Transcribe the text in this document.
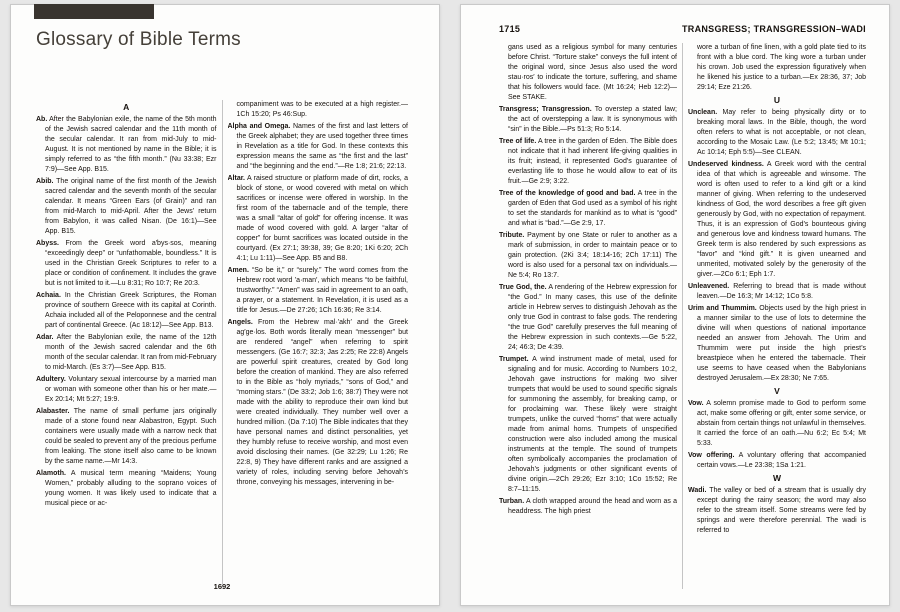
Glossary of Bible Terms
A

Ab. After the Babylonian exile, the name of the 5th month of the Jewish sacred calendar and the 11th month of the secular calendar. It ran from mid-July to mid-August. It is not mentioned by name in the Bible; it is simply referred to as “the fifth month.” (Nu 33:38; Ezr 7:9)—See App. B15.

Abib. The original name of the first month of the Jewish sacred calendar and the seventh month of the secular calendar. It means “Green Ears (of Grain)” and ran from mid-March to mid-April. After the Jews’ return from Babylon, it was called Nisan. (De 16:1)—See App. B15.

Abyss. From the Greek word a′bys·sos, meaning “exceedingly deep” or “unfathomable, boundless.” It is used in the Christian Greek Scriptures to refer to a place or condition of confinement. It includes the grave but is not limited to it.—Lu 8:31; Ro 10:7; Re 20:3.

Achaia. In the Christian Greek Scriptures, the Roman province of southern Greece with its capital at Corinth. Achaia included all of the Peloponnese and the central part of continental Greece. (Ac 18:12)—See App. B13.

Adar. After the Babylonian exile, the name of the 12th month of the Jewish sacred calendar and the 6th month of the secular calendar. It ran from mid-February to mid-March. (Es 3:7)—See App. B15.

Adultery. Voluntary sexual intercourse by a married man or woman with someone other than his or her mate.—Ex 20:14; Mt 5:27; 19:9.

Alabaster. The name of small perfume jars originally made of a stone found near Alabastron, Egypt. Such containers were usually made with a narrow neck that could be sealed to prevent any of the precious perfume from leaking. The stone itself also came to be known by the same name.—Mr 14:3.

Alamoth. A musical term meaning “Maidens; Young Women,” probably alluding to the soprano voices of young women. It was likely used to indicate that a musical piece or ac-

companiment was to be executed at a high register.—1Ch 15:20; Ps 46:Sup.

Alpha and Omega. Names of the first and last letters of the Greek alphabet; they are used together three times in Revelation as a title for God. In these contexts this expression means the same as “the first and the last” and “the beginning and the end.”—Re 1:8; 21:6; 22:13.

Altar. A raised structure or platform made of dirt, rocks, a block of stone, or wood covered with metal on which sacrifices or incense were offered in worship. In the first room of the tabernacle and of the temple, there was a small “altar of gold” for offering incense. It was made of wood covered with gold. A larger “altar of copper” for burnt sacrifices was located outside in the courtyard. (Ex 27:1; 39:38, 39; Ge 8:20; 1Ki 6:20; 2Ch 4:1; Lu 1:11)—See App. B5 and B8.

Amen. “So be it,” or “surely.” The word comes from the Hebrew root word ’a·man′, which means “to be faithful, trustworthy.” “Amen” was said in agreement to an oath, a prayer, or a statement. In Revelation, it is used as a title for Jesus.—De 27:26; 1Ch 16:36; Re 3:14.

Angels. From the Hebrew mal·’akh′ and the Greek ag′ge·los. Both words literally mean “messenger” but are rendered “angel” when referring to spirit messengers. (Ge 16:7; 32:3; Jas 2:25; Re 22:8) Angels are powerful spirit creatures, created by God long before the creation of mankind. They are also referred to in the Bible as “holy myriads,” “sons of God,” and “morning stars.” (De 33:2; Job 1:6; 38:7) They were not made with the ability to reproduce their own kind but were created individually. They number well over a hundred million. (Da 7:10) The Bible indicates that they have personal names and distinct personalities, yet they humbly refuse to receive worship, and most even avoid disclosing their names. (Ge 32:29; Lu 1:26; Re 22:8, 9) They have different ranks and are assigned a variety of roles, including serving before Jehovah’s throne, conveying his messages, intervening in be-

1692
1715	TRANSGRESS; TRANSGRESSION–WADI

gans used as a religious symbol for many centuries before Christ. “Torture stake” conveys the full intent of the original word, since Jesus also used the word stau·ros′ to indicate the torture, suffering, and shame that his followers would face. (Mt 16:24; Heb 12:2)—See STAKE.

Transgress; Transgression. To overstep a stated law; the act of overstepping a law. It is synonymous with “sin” in the Bible.—Ps 51:3; Ro 5:14.

Tree of life. A tree in the garden of Eden. The Bible does not indicate that it had inherent life-giving qualities in its fruit; instead, it represented God’s guarantee of everlasting life to those he would allow to eat of its fruit.—Ge 2:9; 3:22.

Tree of the knowledge of good and bad. A tree in the garden of Eden that God used as a symbol of his right to set the standards for mankind as to what is “good” and what is “bad.”—Ge 2:9, 17.

Tribute. Payment by one State or ruler to another as a mark of submission, in order to maintain peace or to gain protection. (2Ki 3:4; 18:14-16; 2Ch 17:11) The word is also used for a personal tax on individuals.—Ne 5:4; Ro 13:7.

True God, the. A rendering of the Hebrew expression for “the God.” In many cases, this use of the definite article in Hebrew serves to distinguish Jehovah as the only true God in contrast to false gods. The rendering “the true God” carefully preserves the full meaning of the Hebrew expression in such contexts.—Ge 5:22, 24; 46:3; De 4:39.

Trumpet. A wind instrument made of metal, used for signaling and for music. According to Numbers 10:2, Jehovah gave instructions for making two silver trumpets that would be used to sound specific signals for summoning the assembly, for breaking camp, or for proclaiming war. These likely were straight trumpets, unlike the curved “horns” that were actually made from animal horns. Trumpets of unspecified construction were also included among the musical instruments at the temple. The sound of trumpets often symbolically accompanies the proclamation of Jehovah’s judgments or other significant events of divine origin.—2Ch 29:26; Ezr 3:10; 1Co 15:52; Re 8:7–11:15.

Turban. A cloth wrapped around the head and worn as a headdress. The high priest

wore a turban of fine linen, with a gold plate tied to its front with a blue cord. The king wore a turban under his crown. Job used the expression figuratively when he likened his justice to a turban.—Ex 28:36, 37; Job 29:14; Eze 21:26.

U

Unclean. May refer to being physically dirty or to breaking moral laws. In the Bible, though, the word often refers to what is not acceptable, or not clean, according to the Mosaic Law. (Le 5:2; 13:45; Mt 10:1; Ac 10:14; Eph 5:5)—See CLEAN.

Undeserved kindness. A Greek word with the central idea of that which is agreeable and winsome. The word is often used to refer to a kind gift or a kind manner of giving. When referring to the undeserved kindness of God, the word describes a free gift given generously by God, with no expectation of repayment. Thus, it is an expression of God’s bounteous giving and generous love and kindness toward humans. The Greek term is also rendered by such expressions as “favor” and “kind gift.” It is given unearned and unmerited, motivated solely by the generosity of the giver.—2Co 6:1; Eph 1:7.

Unleavened. Referring to bread that is made without leaven.—De 16:3; Mr 14:12; 1Co 5:8.

Urim and Thummim. Objects used by the high priest in a manner similar to the use of lots to determine the divine will when questions of national importance needed an answer from Jehovah. The Urim and Thummim were put inside the high priest’s breastpiece when he entered the tabernacle. Their use seems to have ceased when the Babylonians destroyed Jerusalem.—Ex 28:30; Ne 7:65.

V

Vow. A solemn promise made to God to perform some act, make some offering or gift, enter some service, or abstain from certain things not unlawful in themselves. It carried the force of an oath.—Nu 6:2; Ec 5:4; Mt 5:33.

Vow offering. A voluntary offering that accompanied certain vows.—Le 23:38; 1Sa 1:21.

W

Wadi. The valley or bed of a stream that is usually dry except during the rainy season; the word may also refer to the stream itself. Some streams were fed by springs and were therefore perennial. The wadi is referred to
